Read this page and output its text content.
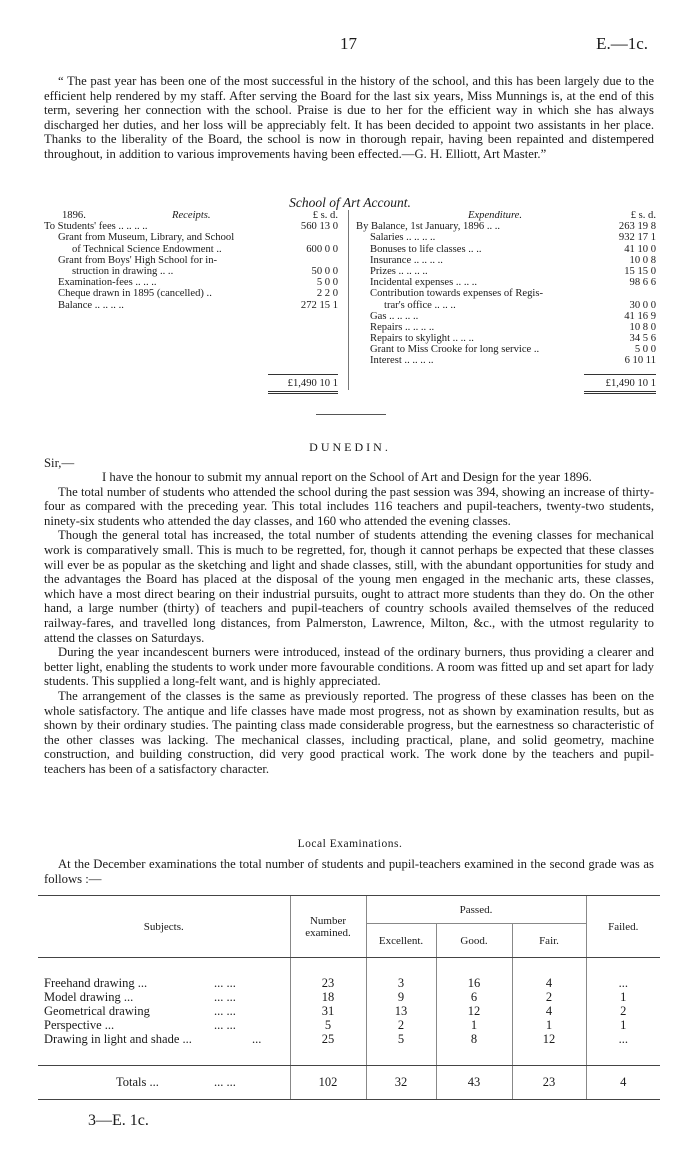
17	E.—1c.

“ The past year has been one of the most successful in the history of the school, and this has been largely due to the efficient help rendered by my staff. After serving the Board for the last six years, Miss Munnings is, at the end of this term, severing her connection with the school. Praise is due to her for the efficient way in which she has always discharged her duties, and her loss will be appreciably felt. It has been decided to appoint two assistants in her place. Thanks to the liberality of the Board, the school is now in thorough repair, having been repainted and distempered throughout, in addition to various improvements having been effected.—G. H. Elliott, Art Master.”

School of Art Account.
1896.	Receipts.	£ s. d.
To Students' fees .. .. .. ..	560 13 0
Grant from Museum, Library, and School
of Technical Science Endowment ..	600 0 0
Grant from Boys' High School for in-
struction in drawing .. ..	50 0 0
Examination-fees .. .. ..	5 0 0
Cheque drawn in 1895 (cancelled) ..	2 2 0
Balance .. .. .. ..	272 15 1
£1,490 10 1
Expenditure.	£ s. d.
By Balance, 1st January, 1896 .. ..	263 19 8
Salaries .. .. .. ..	932 17 1
Bonuses to life classes .. ..	41 10 0
Insurance .. .. .. ..	10 0 8
Prizes .. .. .. ..	15 15 0
Incidental expenses .. .. ..	98 6 6
Contribution towards expenses of Regis-
trar's office .. .. ..	30 0 0
Gas .. .. .. ..	41 16 9
Repairs .. .. .. ..	10 8 0
Repairs to skylight .. .. ..	34 5 6
Grant to Miss Crooke for long service ..	5 0 0
Interest .. .. .. ..	6 10 11
£1,490 10 1
DUNEDIN.
Sir,—

I have the honour to submit my annual report on the School of Art and Design for the year 1896.

The total number of students who attended the school during the past session was 394, showing an increase of thirty-four as compared with the preceding year. This total includes 116 teachers and pupil-teachers, twenty-two students, ninety-six students who attended the day classes, and 160 who attended the evening classes.

Though the general total has increased, the total number of students attending the evening classes for mechanical work is comparatively small. This is much to be regretted, for, though it cannot perhaps be expected that these classes will ever be as popular as the sketching and light and shade classes, still, with the abundant opportunities for study and the advantages the Board has placed at the disposal of the young men engaged in the mechanic arts, these classes, which have a most direct bearing on their industrial pursuits, ought to attract more students than they do. On the other hand, a large number (thirty) of teachers and pupil-teachers of country schools availed themselves of the reduced railway-fares, and travelled long distances, from Palmerston, Lawrence, Milton, &c., with the utmost regularity to attend the classes on Saturdays.

During the year incandescent burners were introduced, instead of the ordinary burners, thus providing a clearer and better light, enabling the students to work under more favourable conditions. A room was fitted up and set apart for lady students. This supplied a long-felt want, and is highly appreciated.

The arrangement of the classes is the same as previously reported. The progress of these classes has been on the whole satisfactory. The antique and life classes have made most progress, not as shown by examination results, but as shown by their ordinary studies. The painting class made considerable progress, but the earnestness so characteristic of the other classes was lacking. The mechanical classes, including practical, plane, and solid geometry, machine construction, and building construction, did very good practical work. The work done by the teachers and pupil-teachers has been of a satisfactory character.

Local Examinations.

At the December examinations the total number of students and pupil-teachers examined in the second grade was as follows :—

Subjects.	Number examined.	Passed.			Failed.
		Excellent.	Good.	Fair.	

Freehand drawing ... ... ...	23	3	16	4	...
Model drawing ... ... ...	18	9	6	2	1
Geometrical drawing ... ...	31	13	12	4	2
Perspective ... ... ...	5	2	1	1	1
Drawing in light and shade ... ...	25	5	8	12	...

Totals ... ... ...	102	32	43	23	4
3—E. 1c.
